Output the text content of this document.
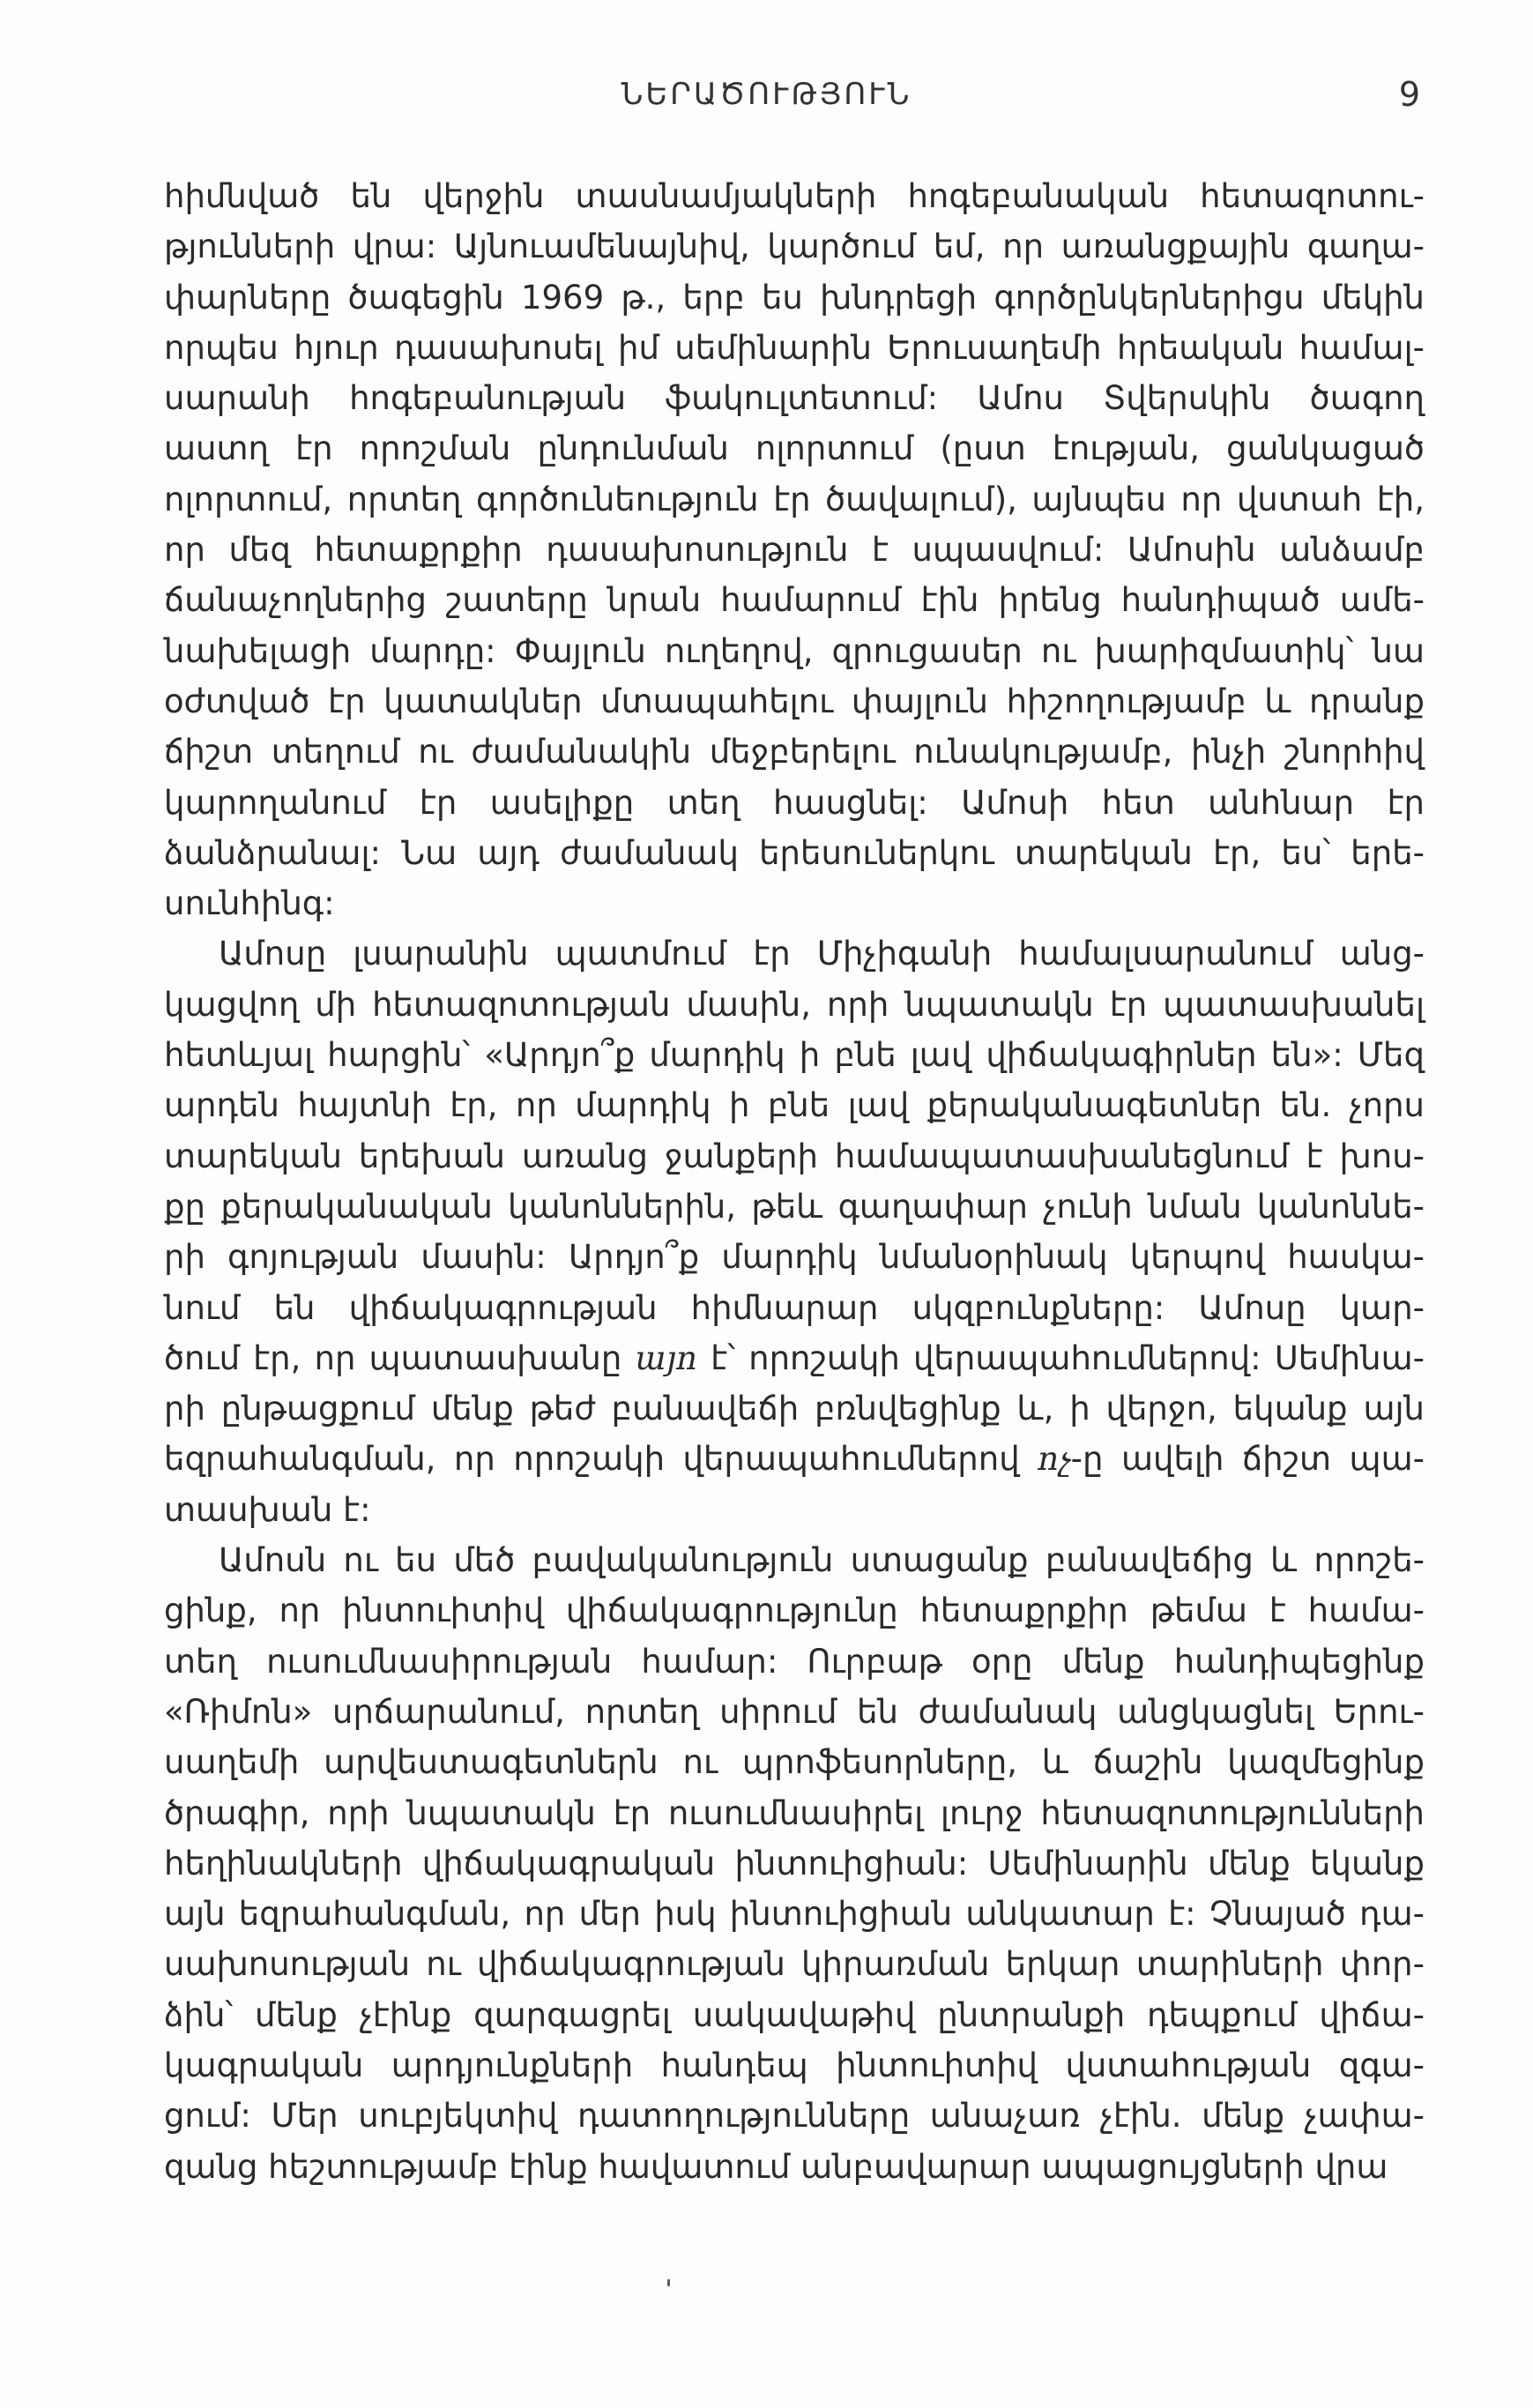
ՆԵՐԱԾՈՒԹՅՈՒՆ	9
հիմնված են վերջին տասնամյակների հոգեբանական հետազոտու-
թյունների վրա: Այնուամենայնիվ, կարծում եմ, որ առանցքային գաղա-
փարները ծագեցին 1969 թ., երբ ես խնդրեցի գործընկերներիցս մեկին
որպես հյուր դասախոսել իմ սեմինարին Երուսաղեմի հրեական համալ-
սարանի հոգեբանության ֆակուլտետում: Ամոս Տվերսկին ծագող
աստղ էր որոշման ընդունման ոլորտում (ըստ էության, ցանկացած
ոլորտում, որտեղ գործունեություն էր ծավալում), այնպես որ վստահ էի,
որ մեզ հետաքրքիր դասախոսություն է սպասվում: Ամոսին անձամբ
ճանաչողներից շատերը նրան համարում էին իրենց հանդիպած ամե-
նախելացի մարդը: Փայլուն ուղեղով, զրուցասեր ու խարիզմատիկ՝ նա
օժտված էր կատակներ մտապահելու փայլուն հիշողությամբ և դրանք
ճիշտ տեղում ու ժամանակին մեջբերելու ունակությամբ, ինչի շնորհիվ
կարողանում էր ասելիքը տեղ հասցնել: Ամոսի հետ անհնար էր
ձանձրանալ: Նա այդ ժամանակ երեսուներկու տարեկան էր, ես՝ երե-
սունհինգ:
Ամոսը լսարանին պատմում էր Միչիգանի համալսարանում անց-
կացվող մի հետազոտության մասին, որի նպատակն էր պատասխանել
հետևյալ հարցին՝ «Արդյո՞ք մարդիկ ի բնե լավ վիճակագիրներ են»: Մեզ
արդեն հայտնի էր, որ մարդիկ ի բնե լավ քերականագետներ են. չորս
տարեկան երեխան առանց ջանքերի համապատասխանեցնում է խոս-
քը քերականական կանոններին, թեև գաղափար չունի նման կանոննե-
րի գոյության մասին: Արդյո՞ք մարդիկ նմանօրինակ կերպով հասկա-
նում են վիճակագրության հիմնարար սկզբունքները: Ամոսը կար-
ծում էր, որ պատասխանը այո է՝ որոշակի վերապահումներով: Սեմինա-
րի ընթացքում մենք թեժ բանավեճի բռնվեցինք և, ի վերջո, եկանք այն
եզրահանգման, որ որոշակի վերապահումներով ոչ-ը ավելի ճիշտ պա-
տասխան է:
Ամոսն ու ես մեծ բավականություն ստացանք բանավեճից և որոշե-
ցինք, որ ինտուիտիվ վիճակագրությունը հետաքրքիր թեմա է համա-
տեղ ուսումնասիրության համար: Ուրբաթ օրը մենք հանդիպեցինք
«Ռիմոն» սրճարանում, որտեղ սիրում են ժամանակ անցկացնել Երու-
սաղեմի արվեստագետներն ու պրոֆեսորները, և ճաշին կազմեցինք
ծրագիր, որի նպատակն էր ուսումնասիրել լուրջ հետազոտությունների
հեղինակների վիճակագրական ինտուիցիան: Սեմինարին մենք եկանք
այն եզրահանգման, որ մեր իսկ ինտուիցիան անկատար է: Չնայած դա-
սախոսության ու վիճակագրության կիրառման երկար տարիների փոր-
ձին՝ մենք չէինք զարգացրել սակավաթիվ ընտրանքի դեպքում վիճա-
կագրական արդյունքների հանդեպ ինտուիտիվ վստահության զգա-
ցում: Մեր սուբյեկտիվ դատողությունները անաչառ չէին. մենք չափա-
զանց հեշտությամբ էինք հավատում անբավարար ապացույցների վրա
